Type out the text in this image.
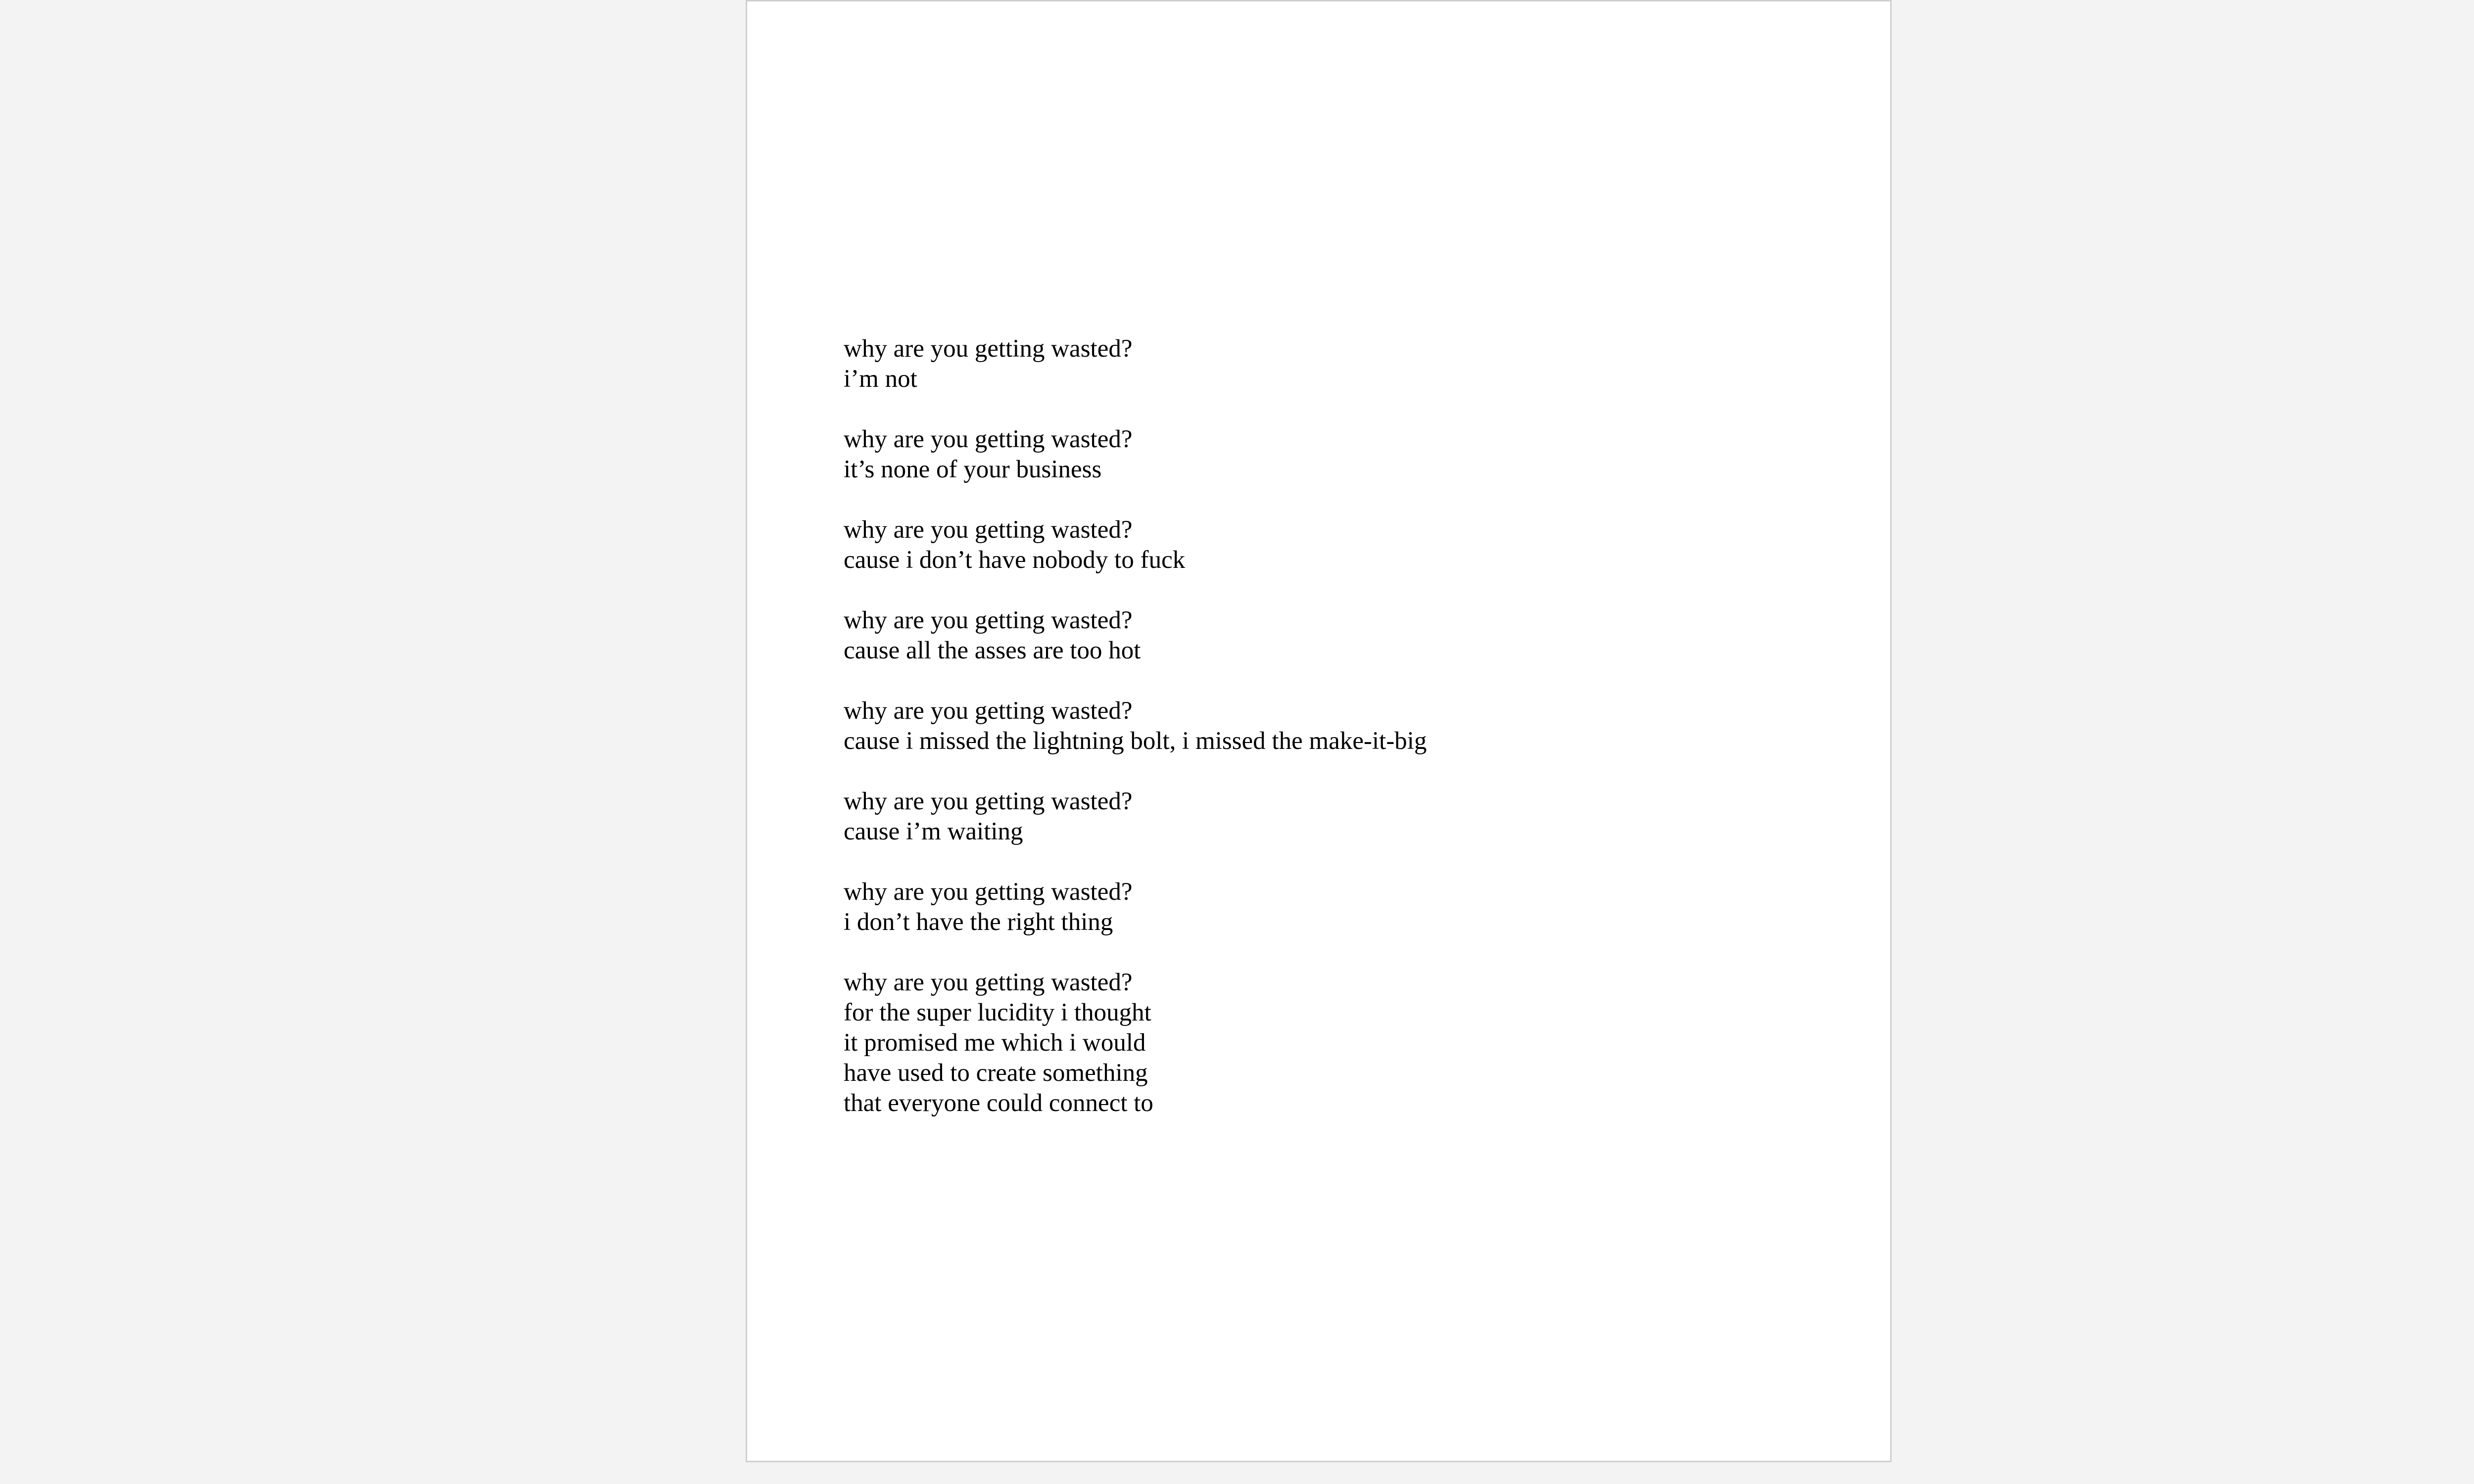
why are you getting wasted?
i’m not
why are you getting wasted?
it’s none of your business
why are you getting wasted?
cause i don’t have nobody to fuck
why are you getting wasted?
cause all the asses are too hot
why are you getting wasted?
cause i missed the lightning bolt, i missed the make-it-big
why are you getting wasted?
cause i’m waiting
why are you getting wasted?
i don’t have the right thing
why are you getting wasted?
for the super lucidity i thought
it promised me which i would
have used to create something
that everyone could connect to
